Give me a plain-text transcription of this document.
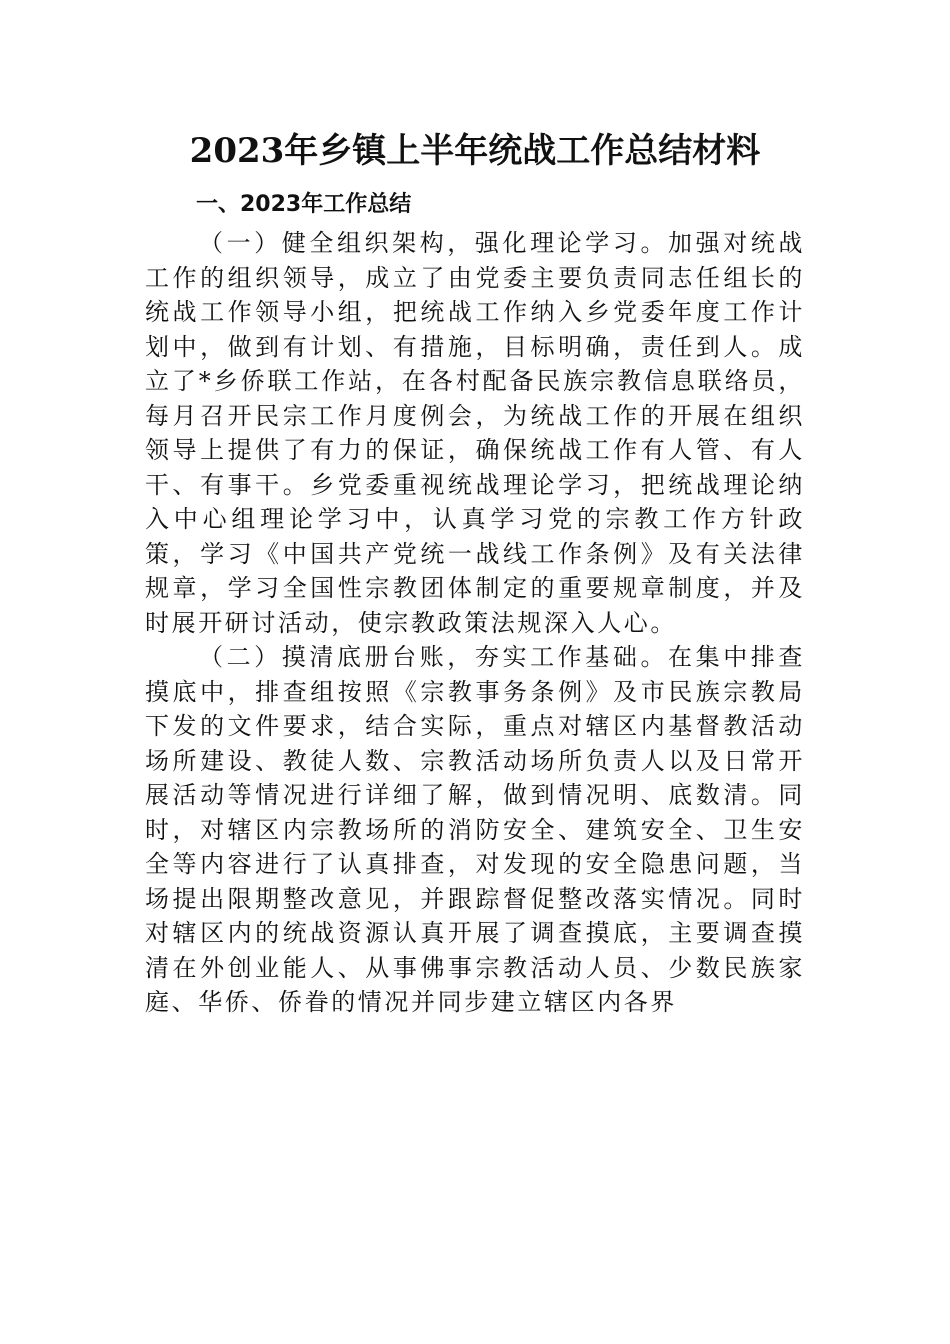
2023年乡镇上半年统战工作总结材料
一、2023年工作总结

（一）健全组织架构，强化理论学习。加强对统战工作的组织领导，成立了由党委主要负责同志任组长的统战工作领导小组，把统战工作纳入乡党委年度工作计划中，做到有计划、有措施，目标明确，责任到人。成立了*乡侨联工作站，在各村配备民族宗教信息联络员，每月召开民宗工作月度例会，为统战工作的开展在组织领导上提供了有力的保证，确保统战工作有人管、有人干、有事干。乡党委重视统战理论学习，把统战理论纳入中心组理论学习中，认真学习党的宗教工作方针政策，学习《中国共产党统一战线工作条例》及有关法律规章，学习全国性宗教团体制定的重要规章制度，并及时展开研讨活动，使宗教政策法规深入人心。

（二）摸清底册台账，夯实工作基础。在集中排查摸底中，排查组按照《宗教事务条例》及市民族宗教局下发的文件要求，结合实际，重点对辖区内基督教活动场所建设、教徒人数、宗教活动场所负责人以及日常开展活动等情况进行详细了解，做到情况明、底数清。同时，对辖区内宗教场所的消防安全、建筑安全、卫生安全等内容进行了认真排查，对发现的安全隐患问题，当场提出限期整改意见，并跟踪督促整改落实情况。同时对辖区内的统战资源认真开展了调查摸底，主要调查摸清在外创业能人、从事佛事宗教活动人员、少数民族家庭、华侨、侨眷的情况并同步建立辖区内各界
